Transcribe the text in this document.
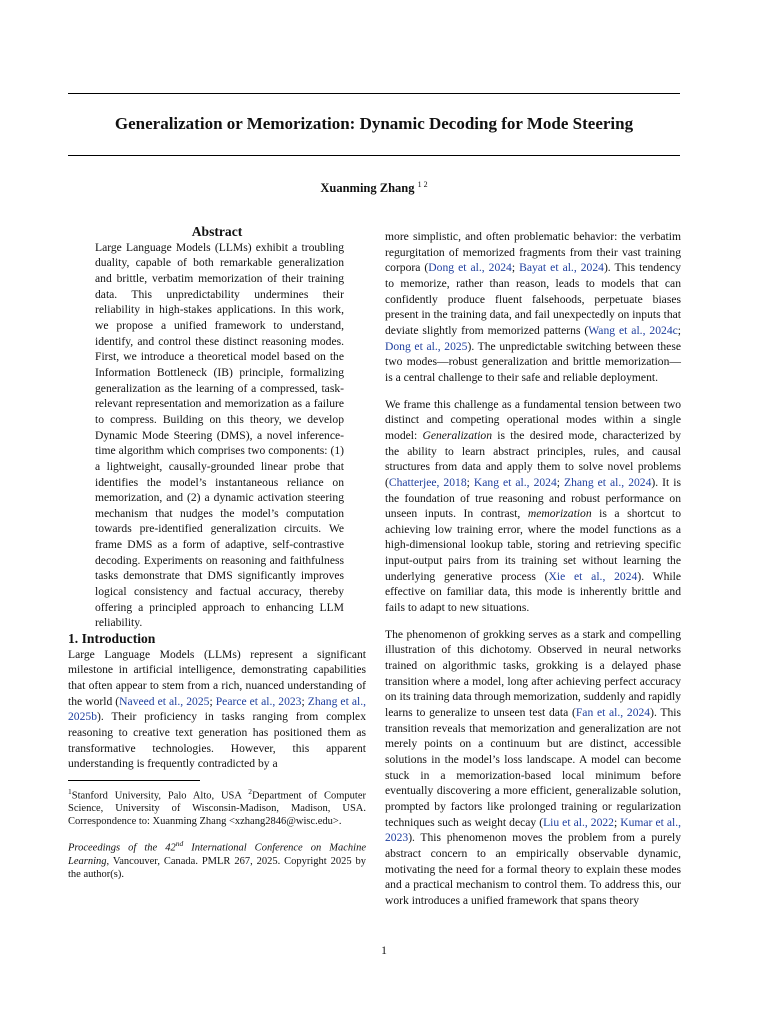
Generalization or Memorization: Dynamic Decoding for Mode Steering
Xuanming Zhang $^{1 2}$

Abstract

Large Language Models (LLMs) exhibit a troubling duality, capable of both remarkable generalization and brittle, verbatim memorization of their training data. This unpredictability undermines their reliability in high-stakes applications. In this work, we propose a unified framework to understand, identify, and control these distinct reasoning modes. First, we introduce a theoretical model based on the Information Bottleneck (IB) principle, formalizing generalization as the learning of a compressed, task-relevant representation and memorization as a failure to compress. Building on this theory, we develop Dynamic Mode Steering (DMS), a novel inference-time algorithm which comprises two components: (1) a lightweight, causally-grounded linear probe that identifies the model’s instantaneous reliance on memorization, and (2) a dynamic activation steering mechanism that nudges the model’s computation towards pre-identified generalization circuits. We frame DMS as a form of adaptive, self-contrastive decoding. Experiments on reasoning and faithfulness tasks demonstrate that DMS significantly improves logical consistency and factual accuracy, thereby offering a principled approach to enhancing LLM reliability.

1. Introduction

Large Language Models (LLMs) represent a significant milestone in artificial intelligence, demonstrating capabilities that often appear to stem from a rich, nuanced understanding of the world (Naveed et al., 2025; Pearce et al., 2023; Zhang et al., 2025b). Their proficiency in tasks ranging from complex reasoning to creative text generation has positioned them as transformative technologies. However, this apparent understanding is frequently contradicted by a

$^1$Stanford University, Palo Alto, USA $^2$Department of Computer Science, University of Wisconsin-Madison, Madison, USA. Correspondence to: Xuanming Zhang <xzhang2846@wisc.edu>.

Proceedings of the 42nd International Conference on Machine Learning, Vancouver, Canada. PMLR 267, 2025. Copyright 2025 by the author(s).

more simplistic, and often problematic behavior: the verbatim regurgitation of memorized fragments from their vast training corpora (Dong et al., 2024; Bayat et al., 2024). This tendency to memorize, rather than reason, leads to models that can confidently produce fluent falsehoods, perpetuate biases present in the training data, and fail unexpectedly on inputs that deviate slightly from memorized patterns (Wang et al., 2024c; Dong et al., 2025). The unpredictable switching between these two modes—robust generalization and brittle memorization—is a central challenge to their safe and reliable deployment.

We frame this challenge as a fundamental tension between two distinct and competing operational modes within a single model: Generalization is the desired mode, characterized by the ability to learn abstract principles, rules, and causal structures from data and apply them to solve novel problems (Chatterjee, 2018; Kang et al., 2024; Zhang et al., 2024). It is the foundation of true reasoning and robust performance on unseen inputs. In contrast, memorization is a shortcut to achieving low training error, where the model functions as a high-dimensional lookup table, storing and retrieving specific input-output pairs from its training set without learning the underlying generative process (Xie et al., 2024). While effective on familiar data, this mode is inherently brittle and fails to adapt to new situations.

The phenomenon of grokking serves as a stark and compelling illustration of this dichotomy. Observed in neural networks trained on algorithmic tasks, grokking is a delayed phase transition where a model, long after achieving perfect accuracy on its training data through memorization, suddenly and rapidly learns to generalize to unseen test data (Fan et al., 2024). This transition reveals that memorization and generalization are not merely points on a continuum but are distinct, accessible solutions in the model’s loss landscape. A model can become stuck in a memorization-based local minimum before eventually discovering a more efficient, generalizable solution, prompted by factors like prolonged training or regularization techniques such as weight decay (Liu et al., 2022; Kumar et al., 2023). This phenomenon moves the problem from a purely abstract concern to an empirically observable dynamic, motivating the need for a formal theory to explain these modes and a practical mechanism to control them. To address this, our work introduces a unified framework that spans theory

1
